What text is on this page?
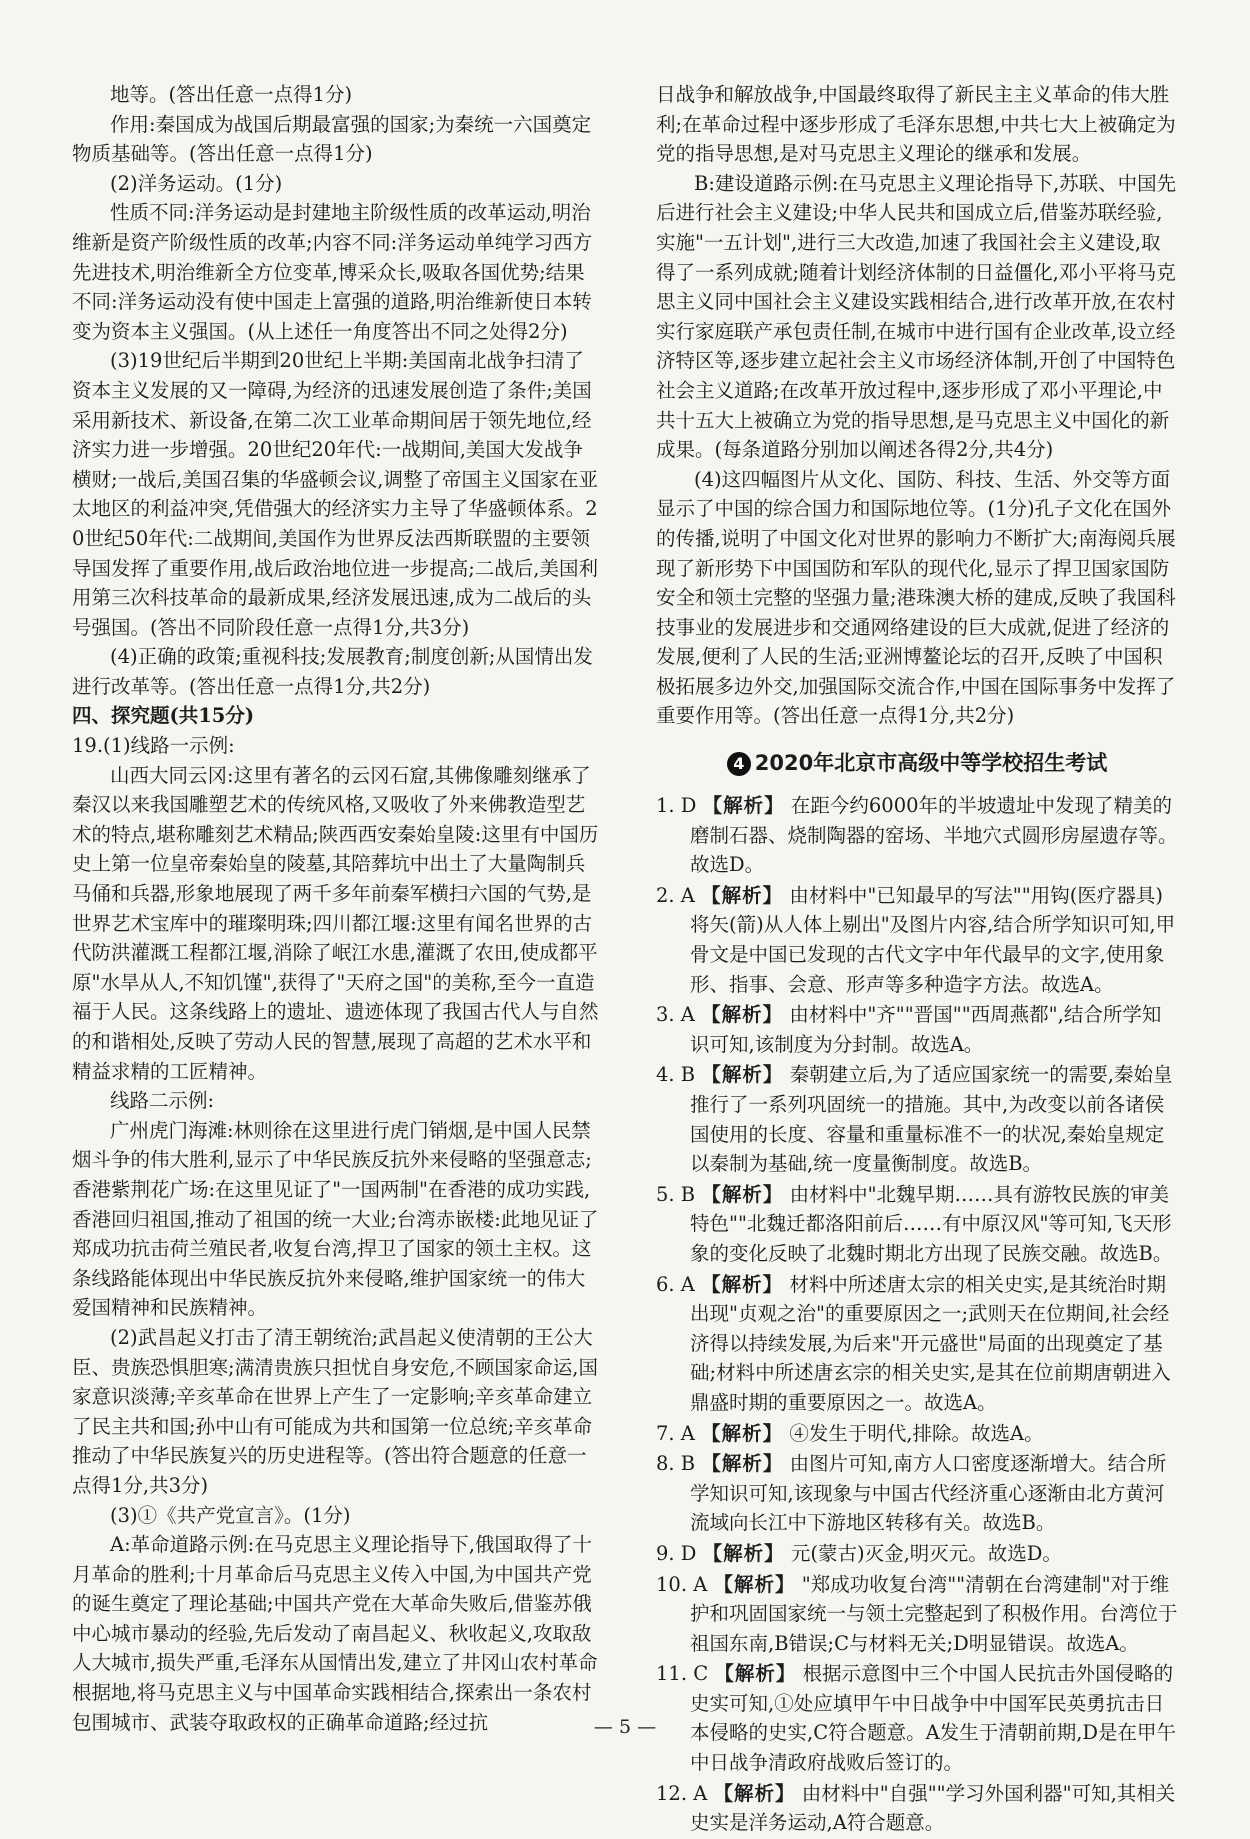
地等。(答出任意一点得1分)

作用:秦国成为战国后期最富强的国家;为秦统一六国奠定物质基础等。(答出任意一点得1分)

(2)洋务运动。(1分)

性质不同:洋务运动是封建地主阶级性质的改革运动,明治维新是资产阶级性质的改革;内容不同:洋务运动单纯学习西方先进技术,明治维新全方位变革,博采众长,吸取各国优势;结果不同:洋务运动没有使中国走上富强的道路,明治维新使日本转变为资本主义强国。(从上述任一角度答出不同之处得2分)

(3)19世纪后半期到20世纪上半期:美国南北战争扫清了资本主义发展的又一障碍,为经济的迅速发展创造了条件;美国采用新技术、新设备,在第二次工业革命期间居于领先地位,经济实力进一步增强。20世纪20年代:一战期间,美国大发战争横财;一战后,美国召集的华盛顿会议,调整了帝国主义国家在亚太地区的利益冲突,凭借强大的经济实力主导了华盛顿体系。20世纪50年代:二战期间,美国作为世界反法西斯联盟的主要领导国发挥了重要作用,战后政治地位进一步提高;二战后,美国利用第三次科技革命的最新成果,经济发展迅速,成为二战后的头号强国。(答出不同阶段任意一点得1分,共3分)

(4)正确的政策;重视科技;发展教育;制度创新;从国情出发进行改革等。(答出任意一点得1分,共2分)

四、探究题(共15分)

19.(1)线路一示例:

山西大同云冈:这里有著名的云冈石窟,其佛像雕刻继承了秦汉以来我国雕塑艺术的传统风格,又吸收了外来佛教造型艺术的特点,堪称雕刻艺术精品;陕西西安秦始皇陵:这里有中国历史上第一位皇帝秦始皇的陵墓,其陪葬坑中出土了大量陶制兵马俑和兵器,形象地展现了两千多年前秦军横扫六国的气势,是世界艺术宝库中的璀璨明珠;四川都江堰:这里有闻名世界的古代防洪灌溉工程都江堰,消除了岷江水患,灌溉了农田,使成都平原"水旱从人,不知饥馑",获得了"天府之国"的美称,至今一直造福于人民。这条线路上的遗址、遗迹体现了我国古代人与自然的和谐相处,反映了劳动人民的智慧,展现了高超的艺术水平和精益求精的工匠精神。

线路二示例:

广州虎门海滩:林则徐在这里进行虎门销烟,是中国人民禁烟斗争的伟大胜利,显示了中华民族反抗外来侵略的坚强意志;香港紫荆花广场:在这里见证了"一国两制"在香港的成功实践,香港回归祖国,推动了祖国的统一大业;台湾赤嵌楼:此地见证了郑成功抗击荷兰殖民者,收复台湾,捍卫了国家的领土主权。这条线路能体现出中华民族反抗外来侵略,维护国家统一的伟大爱国精神和民族精神。

(2)武昌起义打击了清王朝统治;武昌起义使清朝的王公大臣、贵族恐惧胆寒;满清贵族只担忧自身安危,不顾国家命运,国家意识淡薄;辛亥革命在世界上产生了一定影响;辛亥革命建立了民主共和国;孙中山有可能成为共和国第一位总统;辛亥革命推动了中华民族复兴的历史进程等。(答出符合题意的任意一点得1分,共3分)

(3)①《共产党宣言》。(1分)

A:革命道路示例:在马克思主义理论指导下,俄国取得了十月革命的胜利;十月革命后马克思主义传入中国,为中国共产党的诞生奠定了理论基础;中国共产党在大革命失败后,借鉴苏俄中心城市暴动的经验,先后发动了南昌起义、秋收起义,攻取敌人大城市,损失严重,毛泽东从国情出发,建立了井冈山农村革命根据地,将马克思主义与中国革命实践相结合,探索出一条农村包围城市、武装夺取政权的正确革命道路;经过抗

日战争和解放战争,中国最终取得了新民主主义革命的伟大胜利;在革命过程中逐步形成了毛泽东思想,中共七大上被确定为党的指导思想,是对马克思主义理论的继承和发展。

B:建设道路示例:在马克思主义理论指导下,苏联、中国先后进行社会主义建设;中华人民共和国成立后,借鉴苏联经验,实施"一五计划",进行三大改造,加速了我国社会主义建设,取得了一系列成就;随着计划经济体制的日益僵化,邓小平将马克思主义同中国社会主义建设实践相结合,进行改革开放,在农村实行家庭联产承包责任制,在城市中进行国有企业改革,设立经济特区等,逐步建立起社会主义市场经济体制,开创了中国特色社会主义道路;在改革开放过程中,逐步形成了邓小平理论,中共十五大上被确立为党的指导思想,是马克思主义中国化的新成果。(每条道路分别加以阐述各得2分,共4分)

(4)这四幅图片从文化、国防、科技、生活、外交等方面显示了中国的综合国力和国际地位等。(1分)孔子文化在国外的传播,说明了中国文化对世界的影响力不断扩大;南海阅兵展现了新形势下中国国防和军队的现代化,显示了捍卫国家国防安全和领土完整的坚强力量;港珠澳大桥的建成,反映了我国科技事业的发展进步和交通网络建设的巨大成就,促进了经济的发展,便利了人民的生活;亚洲博鳌论坛的召开,反映了中国积极拓展多边外交,加强国际交流合作,中国在国际事务中发挥了重要作用等。(答出任意一点得1分,共2分)

4 2020年北京市高级中等学校招生考试

1. D 【解析】 在距今约6000年的半坡遗址中发现了精美的磨制石器、烧制陶器的窑场、半地穴式圆形房屋遗存等。故选D。

2. A 【解析】 由材料中"已知最早的写法""用钩(医疗器具)将矢(箭)从人体上剔出"及图片内容,结合所学知识可知,甲骨文是中国已发现的古代文字中年代最早的文字,使用象形、指事、会意、形声等多种造字方法。故选A。

3. A 【解析】 由材料中"齐""晋国""西周燕都",结合所学知识可知,该制度为分封制。故选A。

4. B 【解析】 秦朝建立后,为了适应国家统一的需要,秦始皇推行了一系列巩固统一的措施。其中,为改变以前各诸侯国使用的长度、容量和重量标准不一的状况,秦始皇规定以秦制为基础,统一度量衡制度。故选B。

5. B 【解析】 由材料中"北魏早期……具有游牧民族的审美特色""北魏迁都洛阳前后……有中原汉风"等可知,飞天形象的变化反映了北魏时期北方出现了民族交融。故选B。

6. A 【解析】 材料中所述唐太宗的相关史实,是其统治时期出现"贞观之治"的重要原因之一;武则天在位期间,社会经济得以持续发展,为后来"开元盛世"局面的出现奠定了基础;材料中所述唐玄宗的相关史实,是其在位前期唐朝进入鼎盛时期的重要原因之一。故选A。

7. A 【解析】 ④发生于明代,排除。故选A。

8. B 【解析】 由图片可知,南方人口密度逐渐增大。结合所学知识可知,该现象与中国古代经济重心逐渐由北方黄河流域向长江中下游地区转移有关。故选B。

9. D 【解析】 元(蒙古)灭金,明灭元。故选D。

10. A 【解析】 "郑成功收复台湾""清朝在台湾建制"对于维护和巩固国家统一与领土完整起到了积极作用。台湾位于祖国东南,B错误;C与材料无关;D明显错误。故选A。

11. C 【解析】 根据示意图中三个中国人民抗击外国侵略的史实可知,①处应填甲午中日战争中中国军民英勇抗击日本侵略的史实,C符合题意。A发生于清朝前期,D是在甲午中日战争清政府战败后签订的。

12. A 【解析】 由材料中"自强""学习外国利器"可知,其相关史实是洋务运动,A符合题意。

— 5 —
